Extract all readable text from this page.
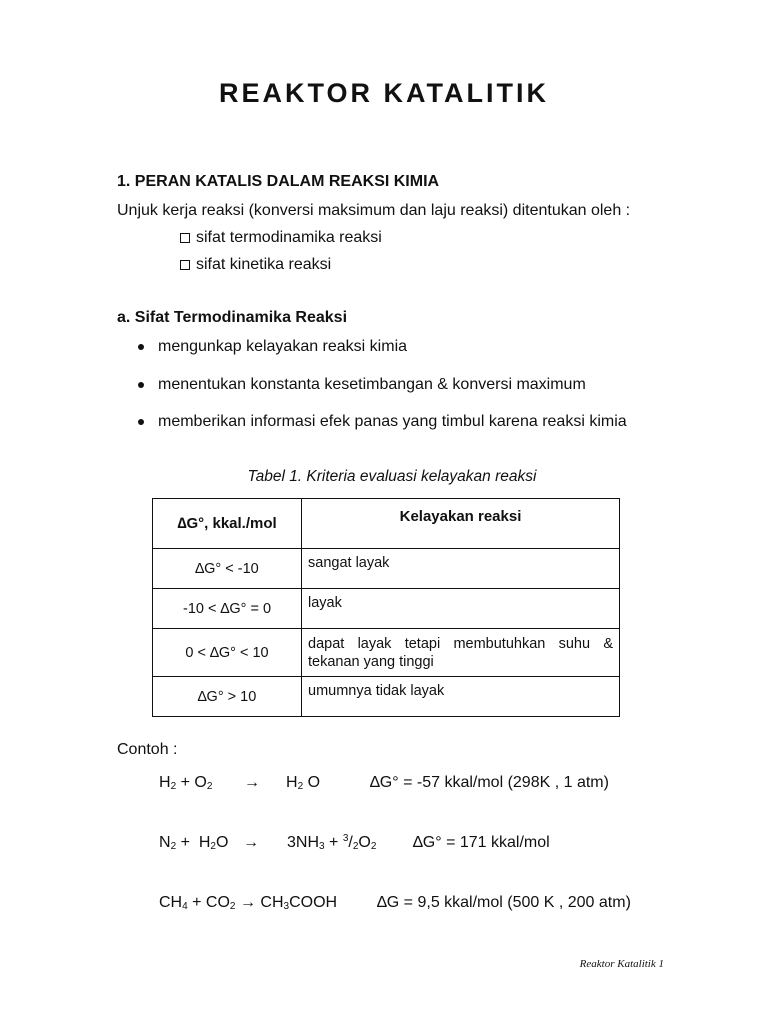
REAKTOR KATALITIK
1. PERAN KATALIS DALAM REAKSI KIMIA
Unjuk kerja reaksi (konversi maksimum dan laju reaksi) ditentukan oleh :
sifat termodinamika reaksi
sifat kinetika reaksi
a. Sifat Termodinamika Reaksi
mengunkap kelayakan reaksi kimia
menentukan konstanta kesetimbangan & konversi maximum
memberikan informasi efek panas yang timbul karena reaksi kimia
Tabel 1. Kriteria evaluasi kelayakan reaksi
∆G°, kkal./mol	Kelayakan reaksi
∆G° < -10	sangat layak
-10 < ∆G° = 0	layak
0 < ∆G° < 10	dapat layak tetapi membutuhkan suhu & tekanan yang tinggi
∆G° > 10	umumnya tidak layak
Contoh :
$H_2 + O_2 \to H_2$ O	∆G° = -57 kkal/mol (298K , 1 atm)
$N_2 + H_2O \to 3NH_3 + ^3/_2O_2$ ∆G° = 171 kkal/mol
$CH_4 + CO_2$ → $CH_3COOH$ ∆G = 9,5 kkal/mol (500 K , 200 atm)
Reaktor Katalitik 1
